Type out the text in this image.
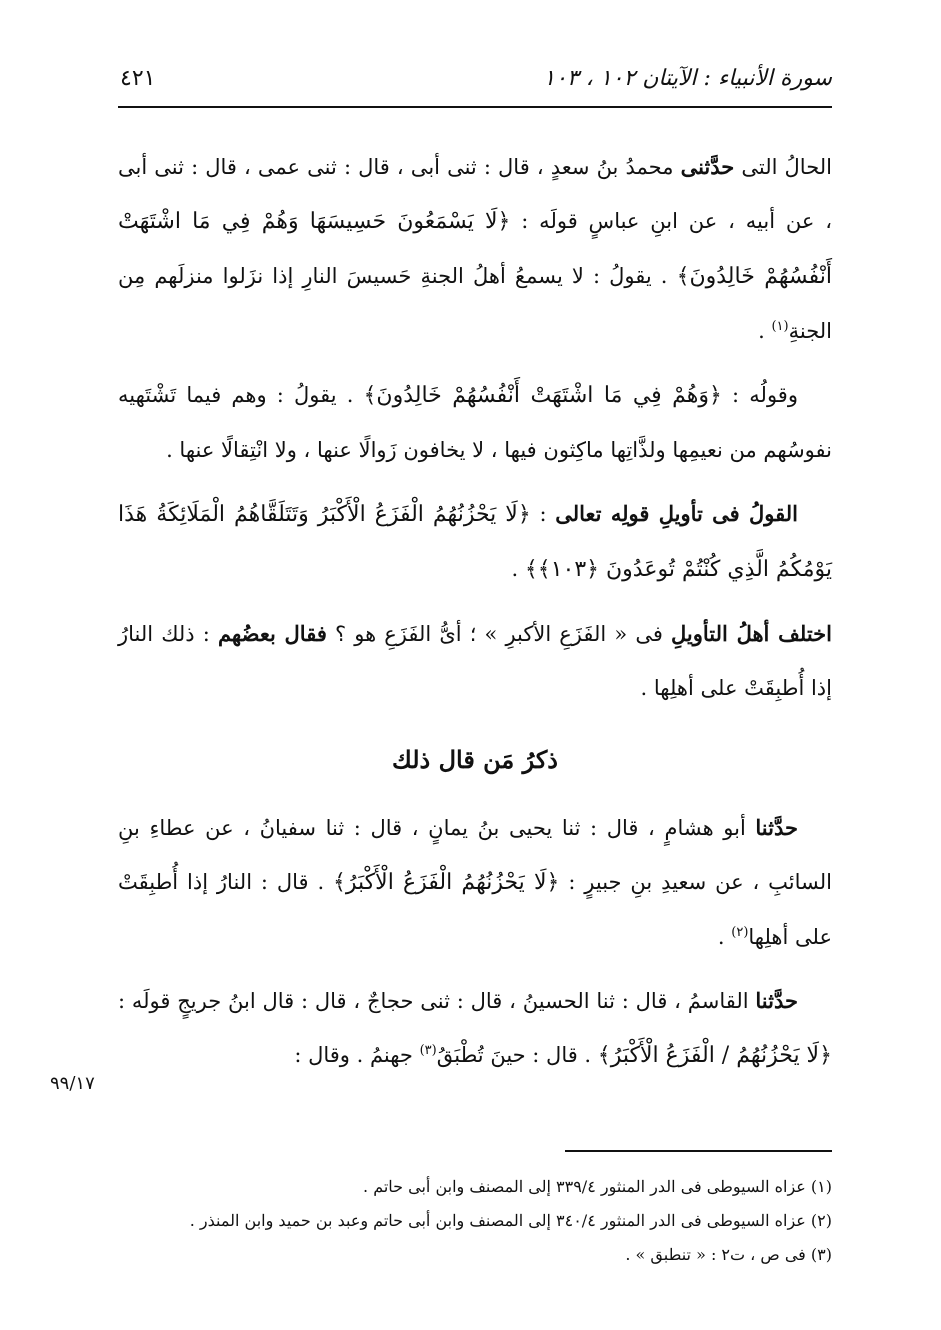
سورة الأنبياء : الآيتان ١٠٢ ، ١٠٣
٤٢١

الحالُ التى حدَّثنى محمدُ بنُ سعدٍ ، قال : ثنى أبى ، قال : ثنى عمى ، قال : ثنى أبى ، عن أبيه ، عن ابنِ عباسٍ قولَه : ﴿لَا يَسْمَعُونَ حَسِيسَهَا وَهُمْ فِي مَا اشْتَهَتْ أَنْفُسُهُمْ خَالِدُونَ﴾ . يقولُ : لا يسمعُ أهلُ الجنةِ حَسيسَ النارِ إذا نزَلوا منزلَهم مِن الجنةِ$^{(١)}$ .

وقولُه : ﴿وَهُمْ فِي مَا اشْتَهَتْ أَنْفُسُهُمْ خَالِدُونَ﴾ . يقولُ : وهم فيما تَشْتَهيه نفوسُهم من نعيمِها ولذَّاتِها ماكِثون فيها ، لا يخافون زَوالًا عنها ، ولا انْتِقالًا عنها .

القولُ فى تأويلِ قولِه تعالى : ﴿لَا يَحْزُنُهُمُ الْفَزَعُ الْأَكْبَرُ وَتَتَلَقَّاهُمُ الْمَلَائِكَةُ هَذَا يَوْمُكُمُ الَّذِي كُنْتُمْ تُوعَدُونَ ﴿١٠٣﴾﴾ .

اختلف أهلُ التأويلِ فى « الفَزَعِ الأكبرِ » ؛ أىُّ الفَزَعِ هو ؟ فقال بعضُهم : ذلك النارُ إذا أُطبِقَتْ على أهلِها .

ذكرُ مَن قال ذلك

حدَّثنا أبو هشامٍ ، قال : ثنا يحيى بنُ يمانٍ ، قال : ثنا سفيانُ ، عن عطاءِ بنِ السائبِ ، عن سعيدِ بنِ جبيرٍ : ﴿لَا يَحْزُنُهُمُ الْفَزَعُ الْأَكْبَرُ﴾ . قال : النارُ إذا أُطبِقَتْ على أهلِها$^{(٢)}$ .

حدَّثنا القاسمُ ، قال : ثنا الحسينُ ، قال : ثنى حجاجٌ ، قال : قال ابنُ جريجٍ قولَه : ﴿لَا يَحْزُنُهُمُ / الْفَزَعُ الْأَكْبَرُ﴾ . قال : حينَ تُطْبَقُ$^{(٣)}$ جهنمُ . وقال :

٩٩/١٧

(١) عزاه السيوطى فى الدر المنثور ٣٣٩/٤ إلى المصنف وابن أبى حاتم .

(٢) عزاه السيوطى فى الدر المنثور ٣٤٠/٤ إلى المصنف وابن أبى حاتم وعبد بن حميد وابن المنذر .

(٣) فى ص ، ت٢ : « تنطبق » .
